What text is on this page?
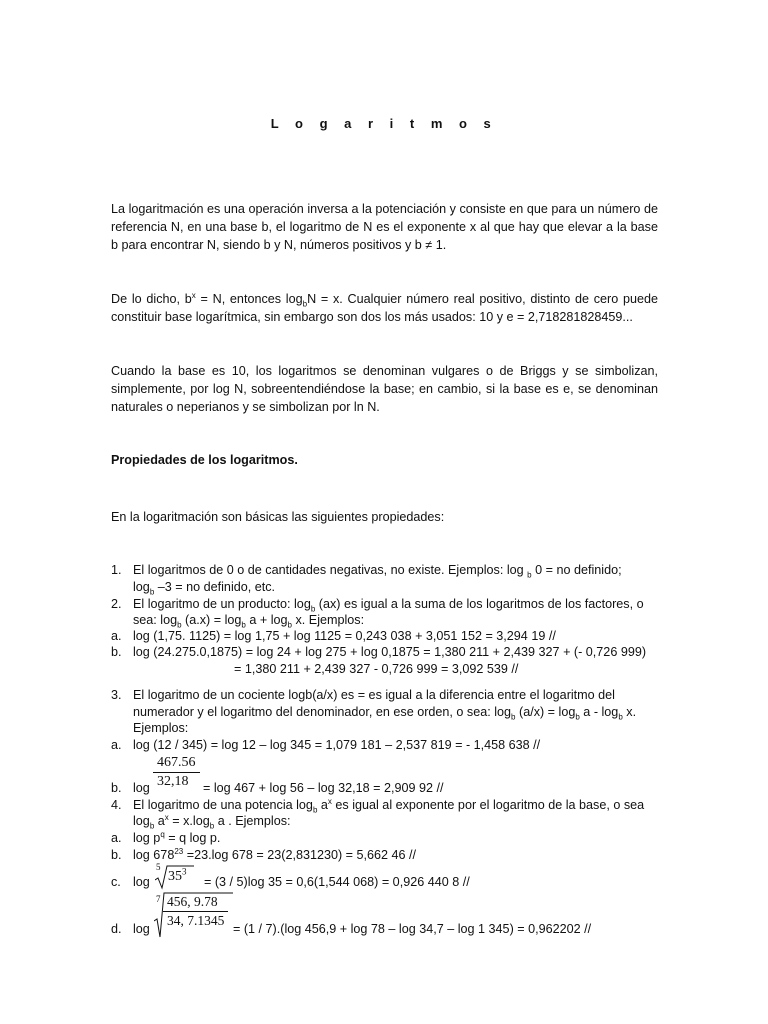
L o g a r i t m o s

La logaritmación es una operación inversa a la potenciación y consiste en que para un número de referencia N, en una base b, el logaritmo de N es el exponente x al que hay que elevar a la base b para encontrar N, siendo b y N, números positivos y b ≠ 1.

De lo dicho, $b^x = N$, entonces $\log_bN = x$. Cualquier número real positivo, distinto de cero puede constituir base logarítmica, sin embargo son dos los más usados: 10 y e = 2,718281828459...

Cuando la base es 10, los logaritmos se denominan vulgares o de Briggs y se simbolizan, simplemente, por log N, sobreentendiéndose la base; en cambio, si la base es e, se denominan naturales o neperianos y se simbolizan por ln N.

Propiedades de los logaritmos.
En la logaritmación son básicas las siguientes propiedades:
1. El logaritmos de 0 o de cantidades negativas, no existe. Ejemplos: log $_b$ 0 = no definido;
$\log_b -3$ = no definido, etc.
2. El logaritmo de un producto: $\log_b (ax)$ es igual a la suma de los logaritmos de los factores, o
sea: $\log_b (a.x) = \log_b a + \log_b x$. Ejemplos:
a. log (1,75. 1125) = log 1,75 + log 1125 = 0,243 038 + 3,051 152 = 3,294 19 //
b. log (24.275.0,1875) = log 24 + log 275 + log 0,1875 = 1,380 211 + 2,439 327 + (- 0,726 999)
= 1,380 211 + 2,439 327 - 0,726 999 = 3,092 539 //
3. El logaritmo de un cociente logb(a/x) es = es igual a la diferencia entre el logaritmo del
numerador y el logaritmo del denominador, en ese orden, o sea: $\log_b (a/x) = \log_b a - \log_b x$.
Ejemplos:
a. log (12 / 345) = log 12 – log 345 = 1,079 181 – 2,537 819 = - 1,458 638 //
b. $\log \frac{467.56}{32,18} = \log 467 + \log 56 - \log 32,18 = 2,909$ 92 //
4. El logaritmo de una potencia $\log_b a^x$ es igual al exponente por el logaritmo de la base, o sea
$\log_b a^x = x.\log_b$ a . Ejemplos:
a. $\log p^q = q$ log p.
b. $\log 678^{23} =23.\log$ 678 = 23(2,831230) = 5,662 46 //
c. log
5
$35^3$
= (3 / 5)log 35 = 0,6(1,544 068) = 0,926 440 8 //
d. log
$7 \frac{456, 9.78}{34, 7.1345} = (1 / 7).(\log$ 456,9 + log 78 – log 34,7 – log 1 345) = 0,962202 //
